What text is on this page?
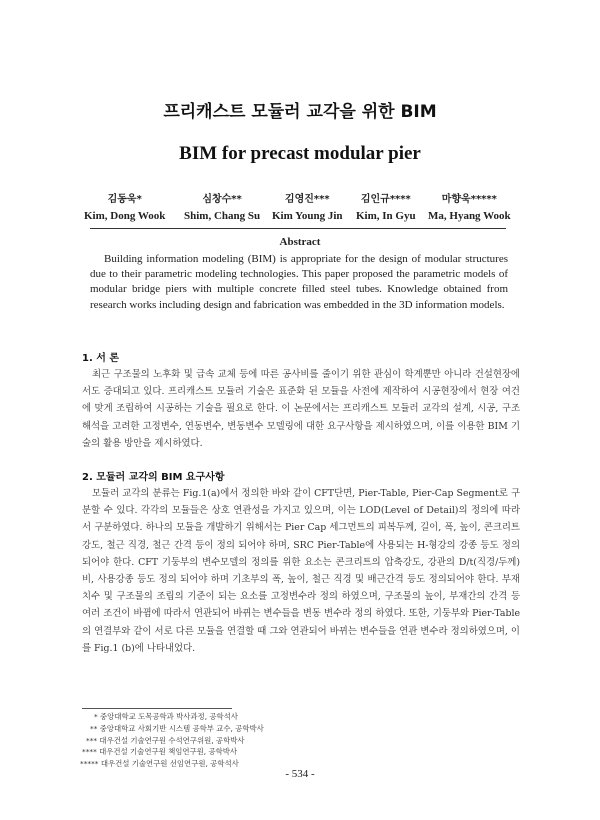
프리캐스트 모듈러 교각을 위한 BIM
BIM for precast modular pier
김동욱*
Kim, Dong Wook
심창수**
Shim, Chang Su
김영진***
Kim Young Jin
김인규****
Kim, In Gyu
마향욱*****
Ma, Hyang Wook
Abstract
Building information modeling (BIM) is appropriate for the design of modular structures due to their parametric modeling technologies. This paper proposed the parametric models of modular bridge piers with multiple concrete filled steel tubes. Knowledge obtained from research works including design and fabrication was embedded in the 3D information models.
1. 서 론
최근 구조물의 노후화 및 급속 교체 등에 따른 공사비를 줄이기 위한 관심이 학계뿐만 아니라 건설현장에서도 증대되고 있다. 프리캐스트 모듈러 기술은 표준화 된 모듈을 사전에 제작하여 시공현장에서 현장 여건에 맞게 조립하여 시공하는 기술을 필요로 한다. 이 논문에서는 프리캐스트 모듈러 교각의 설계, 시공, 구조해석을 고려한 고정변수, 연동변수, 변동변수 모델링에 대한 요구사항을 제시하였으며, 이를 이용한 BIM 기술의 활용 방안을 제시하였다.
2. 모듈러 교각의 BIM 요구사항
모듈러 교각의 분류는 Fig.1(a)에서 정의한 바와 같이 CFT단면, Pier-Table, Pier-Cap Segment로 구분할 수 있다. 각각의 모듈들은 상호 연관성을 가지고 있으며, 이는 LOD(Level of Detail)의 정의에 따라서 구분하였다. 하나의 모듈을 개발하기 위해서는 Pier Cap 세그먼트의 피복두께, 길이, 폭, 높이, 콘크리트 강도, 철근 직경, 철근 간격 등이 정의 되어야 하며, SRC Pier-Table에 사용되는 H-형강의 강종 등도 정의 되어야 한다. CFT 기둥부의 변수모델의 정의를 위한 요소는 콘크리트의 압축강도, 강관의 D/t(직경/두께)비, 사용강종 등도 정의 되어야 하며 기초부의 폭, 높이, 철근 직경 및 배근간격 등도 정의되어야 한다. 부재 치수 및 구조물의 조립의 기준이 되는 요소를 고정변수라 정의 하였으며, 구조물의 높이, 부재간의 간격 등 여러 조건이 바뀜에 따라서 연관되어 바뀌는 변수들을 변동 변수라 정의 하였다. 또한, 기둥부와 Pier-Table의 연결부와 같이 서로 다른 모듈을 연결할 때 그와 연관되어 바뀌는 변수들을 연관 변수라 정의하였으며, 이를 Fig.1 (b)에 나타내었다.
* 중앙대학교 도목공학과 박사과정, 공학석사
** 중앙대학교 사회기반 시스템 공학부 교수, 공학박사
*** 대우건설 기술연구원 수석연구위원, 공학박사
**** 대우건설 기술연구원 책임연구원, 공학박사
***** 대우건설 기술연구원 선임연구원, 공학석사
- 534 -
